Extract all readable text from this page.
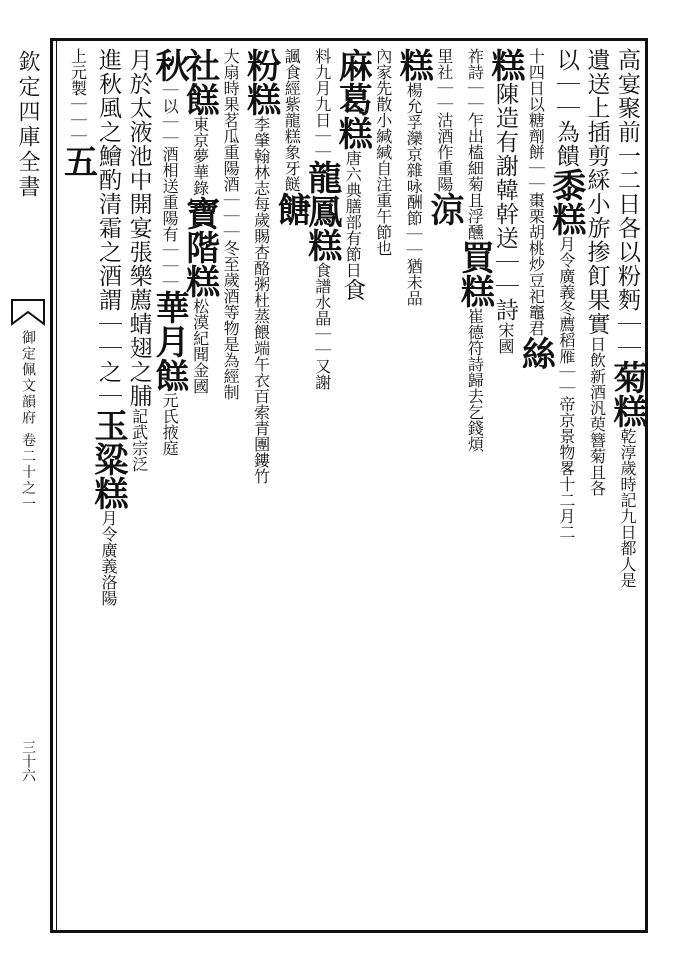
欽定四庫全書
御定佩文韻府 卷二十之一
三十六
高宴聚前一二日各以粉麪｜｜菊糕乾淳歲時記九日都人是
遺送上插剪綵小旂掺飣果實日飲新酒汎萸簪菊且各
以｜｜為饋黍糕月令廣義冬薦稻雁｜｜帝京景物畧十二月二
十四日以糖劑餅｜｜棗栗胡桃炒豆祀竈君絲
糕陳造有謝韓幹送｜｜詩宋國
祚詩｜｜乍出榼細菊且浮醺買糕崔德符詩歸去乞錢煩
里社｜｜沽酒作重陽涼
糕楊允孚灤京雜咏酬節｜｜猶未品
內家先散小緘緘自注重午節也
麻葛糕唐六典膳部有節日食
料九月九日｜｜龍鳳糕食譜水晶｜｜又謝
諷食經紫龍糕象牙餸餹
粉糕李肇翰林志每歲賜杏酪粥杜蒸餵端午衣百索青團鏤竹
大扇時果茗瓜重陽酒｜｜｜冬至歲酒等物是為經制
社餻東京夢華錄寶階糕松漠紀聞金國
秋｜以｜｜酒相送重陽有｜｜｜華月餻元氏掖庭
月於太液池中開宴張樂薦蜻翅之脯記武宗泛
進秋風之鱠酌清霜之酒謂｜｜之｜玉粱糕月令廣義洛陽
上元製｜｜｜五
